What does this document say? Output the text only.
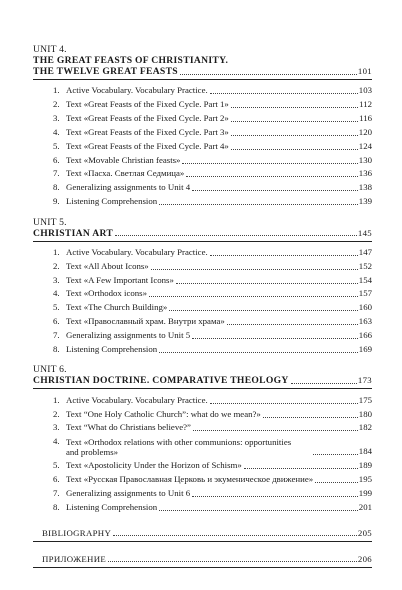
UNIT 4.
THE GREAT FEASTS OF CHRISTIANITY.
THE TWELVE GREAT FEASTS	101
1. Active Vocabulary. Vocabulary Practice.	103
2. Text «Great Feasts of the Fixed Cycle. Part 1»	112
3. Text «Great Feasts of the Fixed Cycle. Part 2»	116
4. Text «Great Feasts of the Fixed Cycle. Part 3»	120
5. Text «Great Feasts of the Fixed Cycle. Part 4»	124
6. Text «Movable Christian feasts»	130
7. Text «Пасха. Светлая Седмица»	136
8. Generalizing assignments to Unit 4	138
9. Listening Comprehension	139
UNIT 5.
CHRISTIAN ART	145
1. Active Vocabulary. Vocabulary Practice.	147
2. Text «All About Icons»	152
3. Text «A Few Important Icons»	154
4. Text «Orthodox icons»	157
5. Text «The Church Building»	160
6. Text «Православный храм. Внутри храма»	163
7. Generalizing assignments to Unit 5	166
8. Listening Comprehension	169
UNIT 6.
CHRISTIAN DOCTRINE. COMPARATIVE THEOLOGY	173
1. Active Vocabulary. Vocabulary Practice.	175
2. Text “One Holy Catholic Church”: what do we mean?»	180
3. Text “What do Christians believe?”	182
4. Text «Orthodox relations with other communions: opportunities
and problems»	184
5. Text «Apostolicity Under the Horizon of Schism»	189
6. Text «Русская Православная Церковь и экуменическое движение»	195
7. Generalizing assignments to Unit 6	199
8. Listening Comprehension	201
BIBLIOGRAPHY	205
ПРИЛОЖЕНИЕ	206
